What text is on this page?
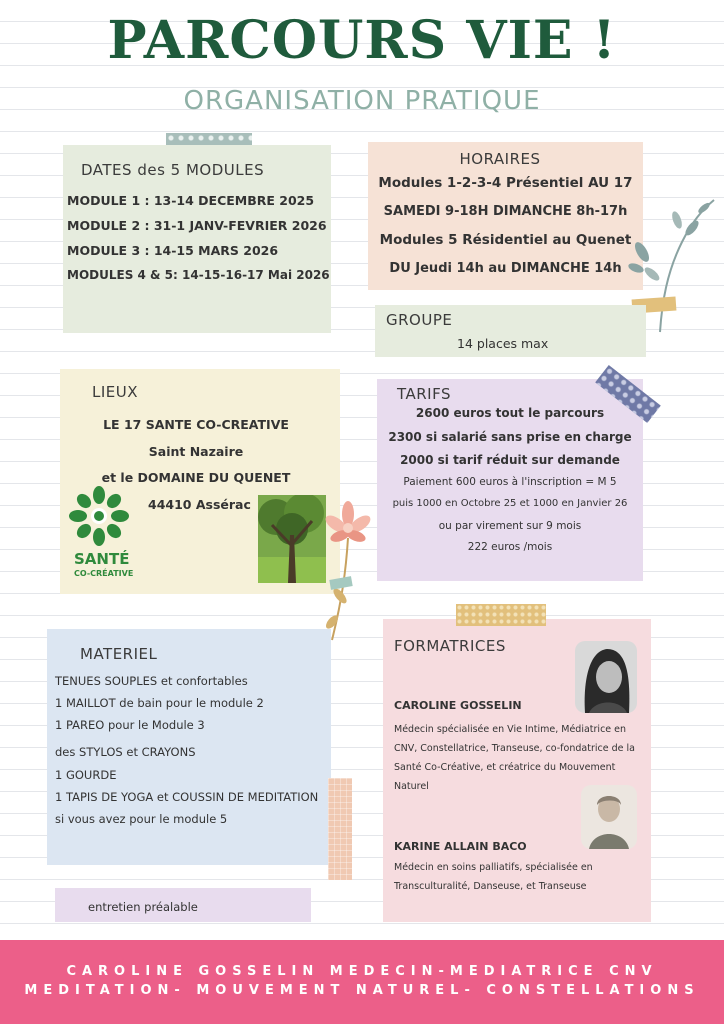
PARCOURS VIE !
ORGANISATION PRATIQUE
DATES des 5 MODULES
MODULE 1 : 13-14 DECEMBRE 2025
MODULE 2 : 31-1 JANV-FEVRIER 2026
MODULE 3 : 14-15 MARS 2026
MODULES 4 & 5: 14-15-16-17 Mai 2026
HORAIRES
Modules 1-2-3-4 Présentiel AU 17
SAMEDI 9-18H DIMANCHE 8h-17h
Modules 5 Résidentiel au Quenet
DU Jeudi 14h au DIMANCHE 14h
GROUPE
14 places max
LIEUX
LE 17 SANTE CO-CREATIVE
Saint Nazaire
et le DOMAINE DU QUENET
44410 Assérac
SANTÉ
CO-CRÉATIVE
TARIFS
2600 euros tout le parcours
2300 si salarié sans prise en charge
2000 si tarif réduit sur demande
Paiement 600 euros à l'inscription = M 5
puis 1000 en Octobre 25 et 1000 en Janvier 26
ou par virement sur 9 mois
222 euros /mois
MATERIEL
TENUES SOUPLES et confortables
1 MAILLOT de bain pour le module 2
1 PAREO pour le Module 3
des STYLOS et CRAYONS
1 GOURDE
1 TAPIS DE YOGA et COUSSIN DE MEDITATION
si vous avez pour le module 5
entretien préalable
FORMATRICES
CAROLINE GOSSELIN
Médecin spécialisée en Vie Intime, Médiatrice en CNV, Constellatrice, Transeuse, co-fondatrice de la Santé Co-Créative, et créatrice du Mouvement Naturel
KARINE ALLAIN BACO
Médecin en soins palliatifs, spécialisée en Transculturalité, Danseuse, et Transeuse
CAROLINE GOSSELIN MEDECIN-MEDIATRICE CNV
MEDITATION- MOUVEMENT NATUREL- CONSTELLATIONS
